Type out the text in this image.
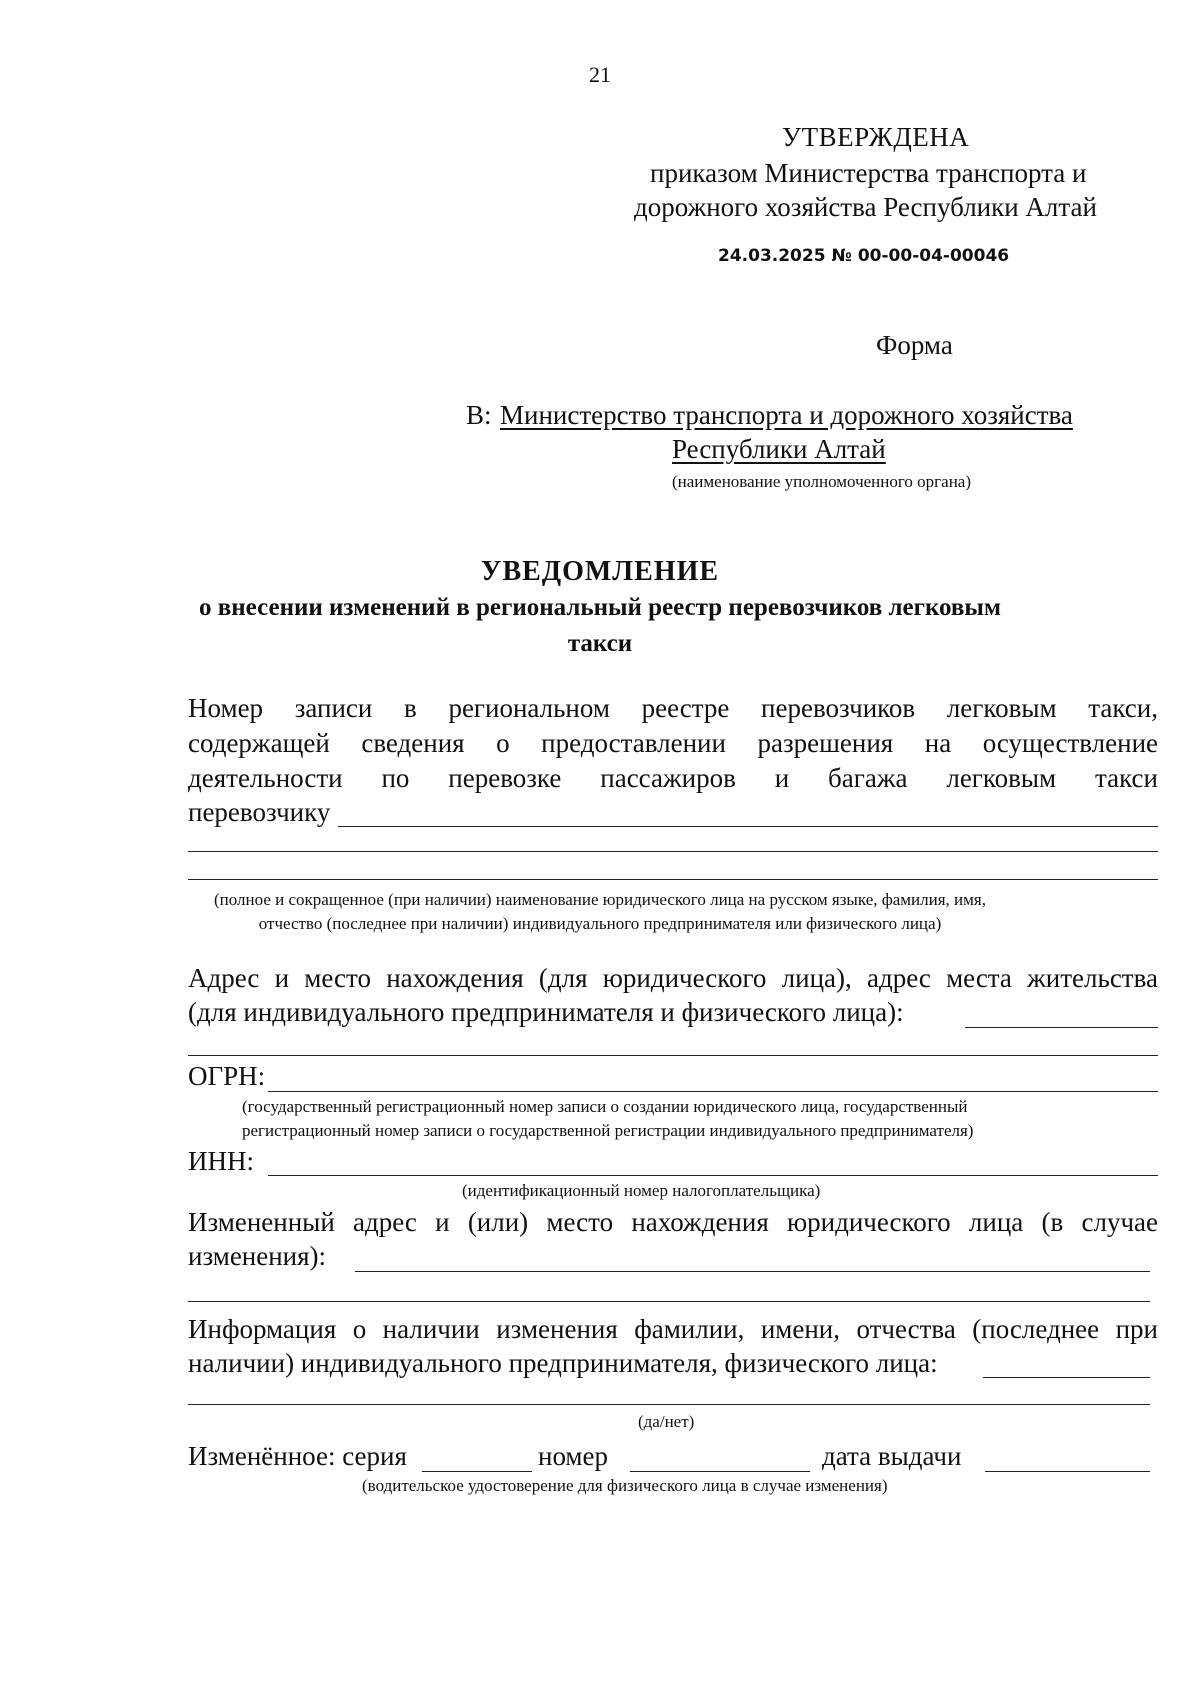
21
УТВЕРЖДЕНА
приказом Министерства транспорта и
дорожного хозяйства Республики Алтай
24.03.2025 № 00-00-04-00046
Форма
В: Министерство транспорта и дорожного хозяйства
Республики Алтай
(наименование уполномоченного органа)
УВЕДОМЛЕНИЕ
о внесении изменений в региональный реестр перевозчиков легковым
такси
Номер записи в региональном реестре перевозчиков легковым такси,
содержащей сведения о предоставлении разрешения на осуществление
деятельности по перевозке пассажиров и багажа легковым такси
перевозчику
(полное и сокращенное (при наличии) наименование юридического лица на русском языке, фамилия, имя,
отчество (последнее при наличии) индивидуального предпринимателя или физического лица)
Адрес и место нахождения (для юридического лица), адрес места жительства
(для индивидуального предпринимателя и физического лица):
ОГРН:
(государственный регистрационный номер записи о создании юридического лица, государственный
регистрационный номер записи о государственной регистрации индивидуального предпринимателя)
ИНН:
(идентификационный номер налогоплательщика)
Измененный адрес и (или) место нахождения юридического лица (в случае
изменения):
Информация о наличии изменения фамилии, имени, отчества (последнее при
наличии) индивидуального предпринимателя, физического лица:
(да/нет)
Изменённое: серия	номер	дата выдачи
(водительское удостоверение для физического лица в случае изменения)
